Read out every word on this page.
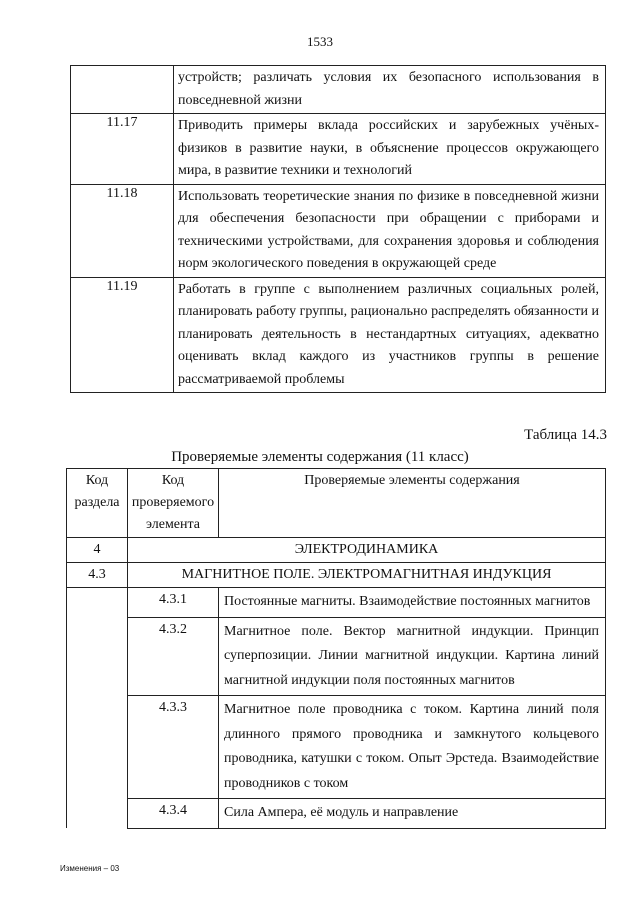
1533
	устройств; различать условия их безопасного использования в повседневной жизни
11.17	Приводить примеры вклада российских и зарубежных учёных-физиков в развитие науки, в объяснение процессов окружающего мира, в развитие техники и технологий
11.18	Использовать теоретические знания по физике в повседневной жизни для обеспечения безопасности при обращении с приборами и техническими устройствами, для сохранения здоровья и соблюдения норм экологического поведения в окружающей среде
11.19	Работать в группе с выполнением различных социальных ролей, планировать работу группы, рационально распределять обязанности и планировать деятельность в нестандартных ситуациях, адекватно оценивать вклад каждого из участников группы в решение рассматриваемой проблемы
Таблица 14.3
Проверяемые элементы содержания (11 класс)
Код раздела	Код проверяемого элемента	Проверяемые элементы содержания
4	ЭЛЕКТРОДИНАМИКА	
4.3	МАГНИТНОЕ ПОЛЕ. ЭЛЕКТРОМАГНИТНАЯ ИНДУКЦИЯ	
	4.3.1	Постоянные магниты. Взаимодействие постоянных магнитов
	4.3.2	Магнитное поле. Вектор магнитной индукции. Принцип суперпозиции. Линии магнитной индукции. Картина линий магнитной индукции поля постоянных магнитов
	4.3.3	Магнитное поле проводника с током. Картина линий поля длинного прямого проводника и замкнутого кольцевого проводника, катушки с током. Опыт Эрстеда. Взаимодействие проводников с током
	4.3.4	Сила Ампера, её модуль и направление
Изменения – 03
